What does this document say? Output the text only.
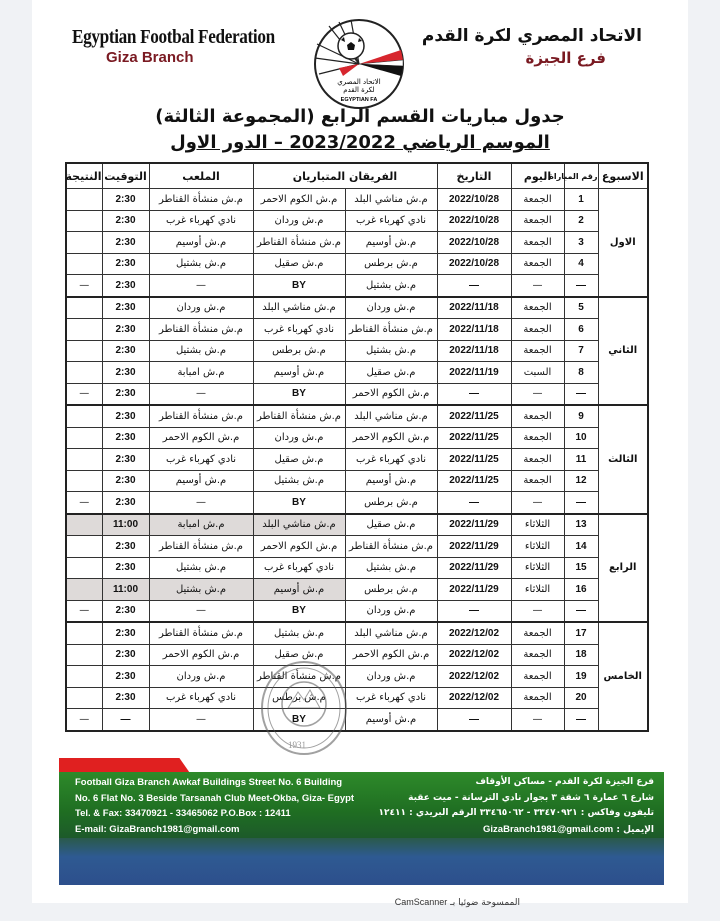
Egyptian Footbal Federation
Giza Branch
الاتحاد المصري لكرة القدم
فرع الجيزة
الاتحاد المصري
لكرة القدم
EGYPTIAN FA
جدول مباريات القسم الرابع (المجموعة الثالثة)
الموسم الرياضي 2023/2022 – الدور الاول
الاسبوع	رقم المباراة	اليوم	التاريخ	الفريقان المتباريان		الملعب	التوقيت	النتيجة
الاول	1	الجمعة	2022/10/28	م.ش مناشي البلد	م.ش الكوم الاحمر	م.ش منشأة القناطر	2:30	
	2	الجمعة	2022/10/28	نادي كهرباء غرب	م.ش وردان	نادي كهرباء غرب	2:30	
	3	الجمعة	2022/10/28	م.ش أوسيم	م.ش منشأة القناطر	م.ش أوسيم	2:30	
	4	الجمعة	2022/10/28	م.ش برطس	م.ش صقيل	م.ش بشتيل	2:30	
	—	—	—	م.ش بشتيل	BY	—	2:30	—
الثاني	5	الجمعة	2022/11/18	م.ش وردان	م.ش مناشي البلد	م.ش وردان	2:30	
	6	الجمعة	2022/11/18	م.ش منشأة القناطر	نادي كهرباء غرب	م.ش منشأة القناطر	2:30	
	7	الجمعة	2022/11/18	م.ش بشتيل	م.ش برطس	م.ش بشتيل	2:30	
	8	السبت	2022/11/19	م.ش صقيل	م.ش أوسيم	م.ش امبابة	2:30	
	—	—	—	م.ش الكوم الاحمر	BY	—	2:30	—
الثالث	9	الجمعة	2022/11/25	م.ش مناشي البلد	م.ش منشأة القناطر	م.ش منشأة القناطر	2:30	
	10	الجمعة	2022/11/25	م.ش الكوم الاحمر	م.ش وردان	م.ش الكوم الاحمر	2:30	
	11	الجمعة	2022/11/25	نادي كهرباء غرب	م.ش صقيل	نادي كهرباء غرب	2:30	
	12	الجمعة	2022/11/25	م.ش أوسيم	م.ش بشتيل	م.ش أوسيم	2:30	
	—	—	—	م.ش برطس	BY	—	2:30	—
الرابع	13	الثلاثاء	2022/11/29	م.ش صقيل	م.ش مناشي البلد	م.ش امبابة	11:00	
	14	الثلاثاء	2022/11/29	م.ش منشأة القناطر	م.ش الكوم الاحمر	م.ش منشأة القناطر	2:30	
	15	الثلاثاء	2022/11/29	م.ش بشتيل	نادي كهرباء غرب	م.ش بشتيل	2:30	
	16	الثلاثاء	2022/11/29	م.ش برطس	م.ش أوسيم	م.ش بشتيل	11:00	
	—	—	—	م.ش وردان	BY	—	2:30	—
الخامس	17	الجمعة	2022/12/02	م.ش مناشي البلد	م.ش بشتيل	م.ش منشأة القناطر	2:30	
	18	الجمعة	2022/12/02	م.ش الكوم الاحمر	م.ش صقيل	م.ش الكوم الاحمر	2:30	
	19	الجمعة	2022/12/02	م.ش وردان	م.ش منشأة القناطر	م.ش وردان	2:30	
	20	الجمعة	2022/12/02	نادي كهرباء غرب	م.ش برطس	نادي كهرباء غرب	2:30	
	—	—	—	م.ش أوسيم	BY	—	—	—
1931
Football Giza Branch Awkaf Buildings Street No. 6 Building
No. 6 Flat No. 3 Beside Tarsanah Club Meet-Okba, Giza- Egypt
Tel. & Fax: 33470921 - 33465062 P.O.Box : 12411
E-mail: GizaBranch1981@gmail.com
فرع الجيزة لكرة القدم - مساكن الأوقاف
شارع ٦ عمارة ٦ شقة ٣ بجوار نادي الترسانة - ميت عقبة
تليفون وفاكس : ٣٣٤٧٠٩٢١ - ٣٣٤٦٥٠٦٢ الرقم البريدي : ١٢٤١١
الإيميل : GizaBranch1981@gmail.com
الممسوحة ضوئيا بـ CamScanner
